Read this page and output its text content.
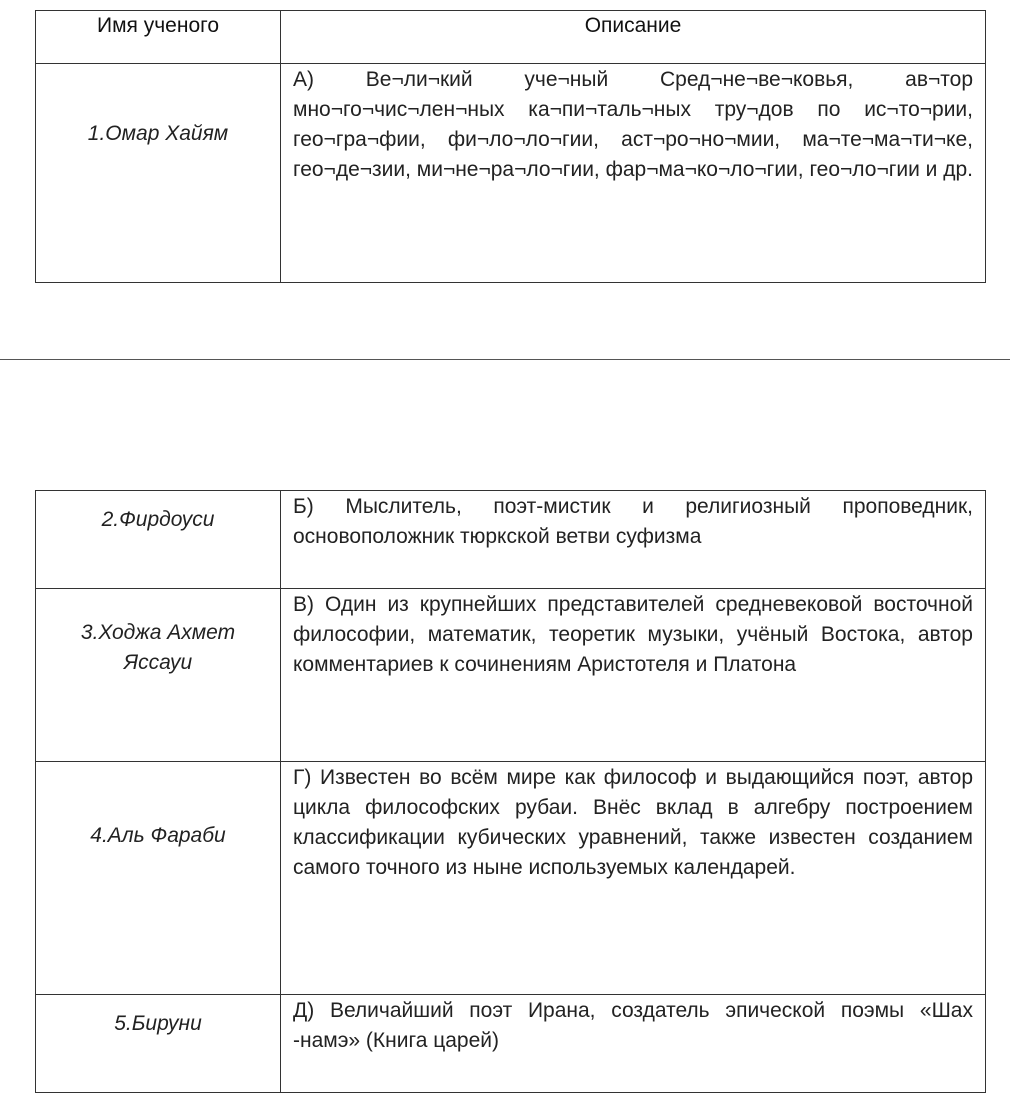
Имя ученого	Описание
1.Омар Хайям	А) Ве¬ли¬кий уче¬ный Сред¬не¬ве¬ковья, ав¬тор мно¬го¬чис¬лен¬ных ка¬пи¬таль¬ных тру¬дов по ис¬то¬рии, гео¬гра¬фии, фи¬ло¬ло¬гии, аст¬ро¬но¬мии, ма¬те¬ма¬ти¬ке, гео¬де¬зии, ми¬не¬ра¬ло¬гии, фар¬ма¬ко¬ло¬гии, гео¬ло¬гии и др.
2.Фирдоуси	Б) Мыслитель, поэт-мистик и религиозный проповедник, основоположник тюркской ветви суфизма
3.Ходжа Ахмет Яссауи	В) Один из крупнейших представителей средневековой восточной философии, математик, теоретик музыки, учёный Востока, автор комментариев к сочинениям Аристотеля и Платона
4.Аль Фараби	Г) Известен во всём мире как философ и выдающийся поэт, автор цикла философских рубаи. Внёс вклад в алгебру построением классификации кубических уравнений, также известен созданием самого точного из ныне используемых календарей.
5.Бируни	Д) Величайший поэт Ирана, создатель эпической поэмы «Шах -намэ» (Книга царей)
